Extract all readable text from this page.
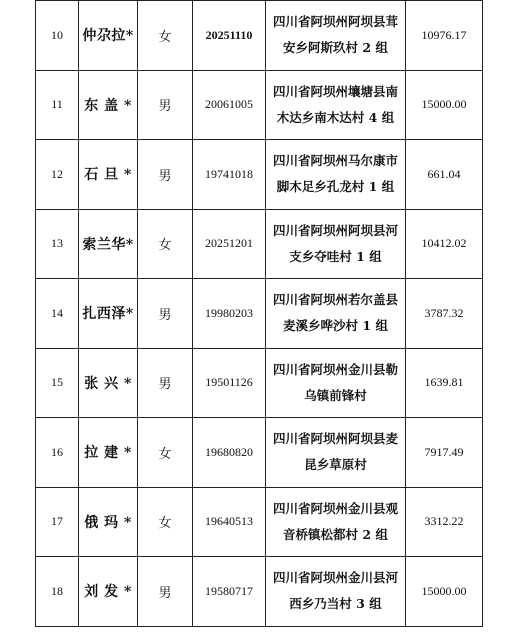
10	仲尕拉*	女	20251110	四川省阿坝州阿坝县茸安乡阿斯玖村 2 组	10976.17
11	东 盖 *	男	20061005	四川省阿坝州壤塘县南木达乡南木达村 4 组	15000.00
12	石 旦 *	男	19741018	四川省阿坝州马尔康市脚木足乡孔龙村 1 组	661.04
13	索兰华*	女	20251201	四川省阿坝州阿坝县河支乡夺哇村 1 组	10412.02
14	扎西泽*	男	19980203	四川省阿坝州若尔盖县麦溪乡哗沙村 1 组	3787.32
15	张 兴 *	男	19501126	四川省阿坝州金川县勒乌镇前锋村	1639.81
16	拉 建 *	女	19680820	四川省阿坝州阿坝县麦昆乡草原村	7917.49
17	俄 玛 *	女	19640513	四川省阿坝州金川县观音桥镇松都村 2 组	3312.22
18	刘 发 *	男	19580717	四川省阿坝州金川县河西乡乃当村 3 组	15000.00
